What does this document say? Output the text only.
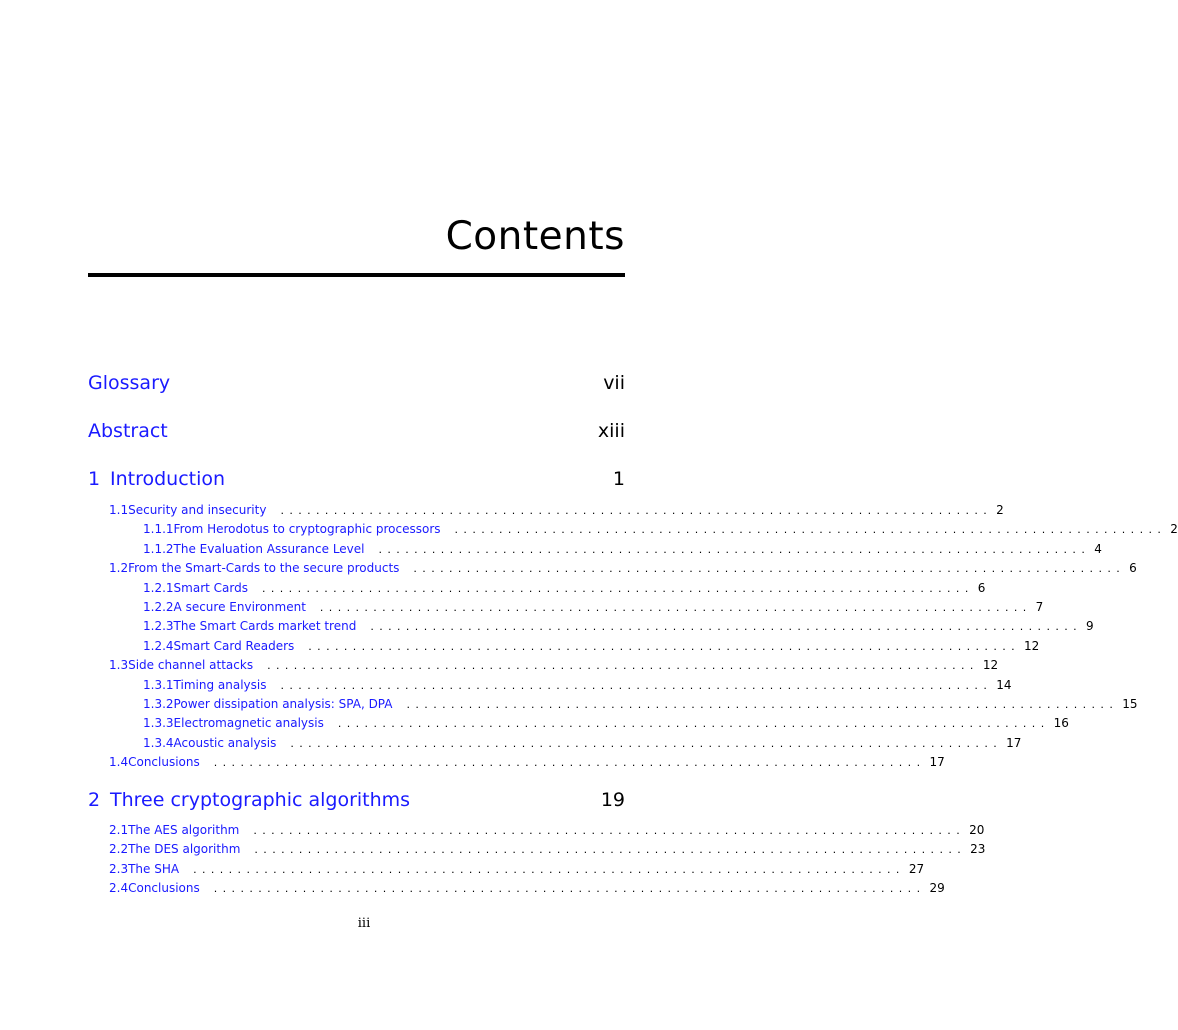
Contents
Glossary	vii
Abstract	xiii
1 Introduction	1
2 Three cryptographic algorithms	19
1.1 Security and insecurity	................................................................................ 2
1.1.1 From Herodotus to cryptographic processors	................................................................................ 2
1.1.2 The Evaluation Assurance Level	................................................................................ 4
1.2 From the Smart-Cards to the secure products	................................................................................ 6
1.2.1 Smart Cards	................................................................................ 6
1.2.2 A secure Environment	................................................................................ 7
1.2.3 The Smart Cards market trend	................................................................................ 9
1.2.4 Smart Card Readers	................................................................................ 12
1.3 Side channel attacks	................................................................................ 12
1.3.1 Timing analysis	................................................................................ 14
1.3.2 Power dissipation analysis: SPA, DPA	................................................................................ 15
1.3.3 Electromagnetic analysis	................................................................................ 16
1.3.4 Acoustic analysis	................................................................................ 17
1.4 Conclusions	................................................................................ 17
2.1 The AES algorithm	................................................................................ 20
2.2 The DES algorithm	................................................................................ 23
2.3 The SHA	................................................................................ 27
2.4 Conclusions	................................................................................ 29
iii
